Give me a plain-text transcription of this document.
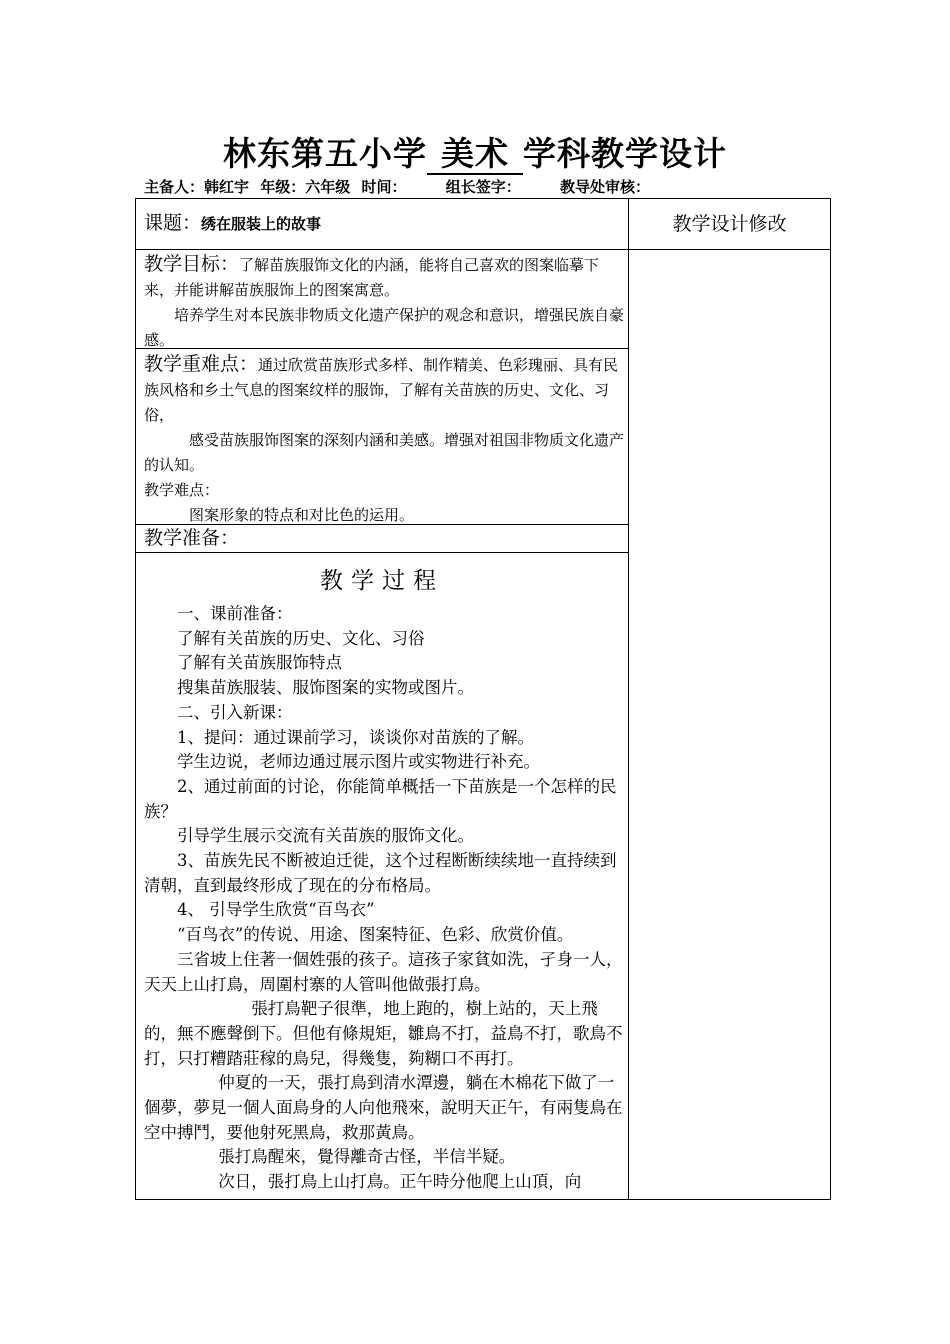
林东第五小学 美术 学科教学设计
主备人：韩红宇 年级：六年级 时间：	组长签字：	教导处审核：
教学设计修改
课题：绣在服装上的故事
教学目标：了解苗族服饰文化的内涵，能将自己喜欢的图案临摹下来，并能讲解苗族服饰上的图案寓意。
培养学生对本民族非物质文化遗产保护的观念和意识，增强民族自豪感。
教学重难点：通过欣赏苗族形式多样、制作精美、色彩瑰丽、具有民族风格和乡土气息的图案纹样的服饰，了解有关苗族的历史、文化、习俗，
感受苗族服饰图案的深刻内涵和美感。增强对祖国非物质文化遗产的认知。
教学难点：
图案形象的特点和对比色的运用。
教学准备：
教学过程

一、课前准备：

了解有关苗族的历史、文化、习俗

了解有关苗族服饰特点

搜集苗族服装、服饰图案的实物或图片。

二、引入新课：

1、提问：通过课前学习，谈谈你对苗族的了解。

学生边说，老师边通过展示图片或实物进行补充。

2、通过前面的讨论，你能简单概括一下苗族是一个怎样的民族？

引导学生展示交流有关苗族的服饰文化。

3、苗族先民不断被迫迁徙，这个过程断断续续地一直持续到清朝，直到最终形成了现在的分布格局。

4、 引导学生欣赏“百鸟衣”

“百鸟衣”的传说、用途、图案特征、色彩、欣赏价值。

三省坡上住著一個姓張的孩子。這孩子家貧如洗，孑身一人，天天上山打鳥，周圍村寨的人管叫他做張打鳥。

張打鳥靶子很準，地上跑的，樹上站的，天上飛的，無不應聲倒下。但他有條規矩，雛鳥不打，益鳥不打，歌鳥不打，只打糟踏莊稼的鳥兒，得幾隻，夠糊口不再打。

仲夏的一天，張打鳥到清水潭邊，躺在木棉花下做了一個夢，夢見一個人面鳥身的人向他飛來，說明天正午，有兩隻鳥在空中搏鬥，要他射死黑鳥，救那黃鳥。

張打鳥醒來，覺得離奇古怪，半信半疑。

次日，張打鳥上山打鳥。正午時分他爬上山頂，向
